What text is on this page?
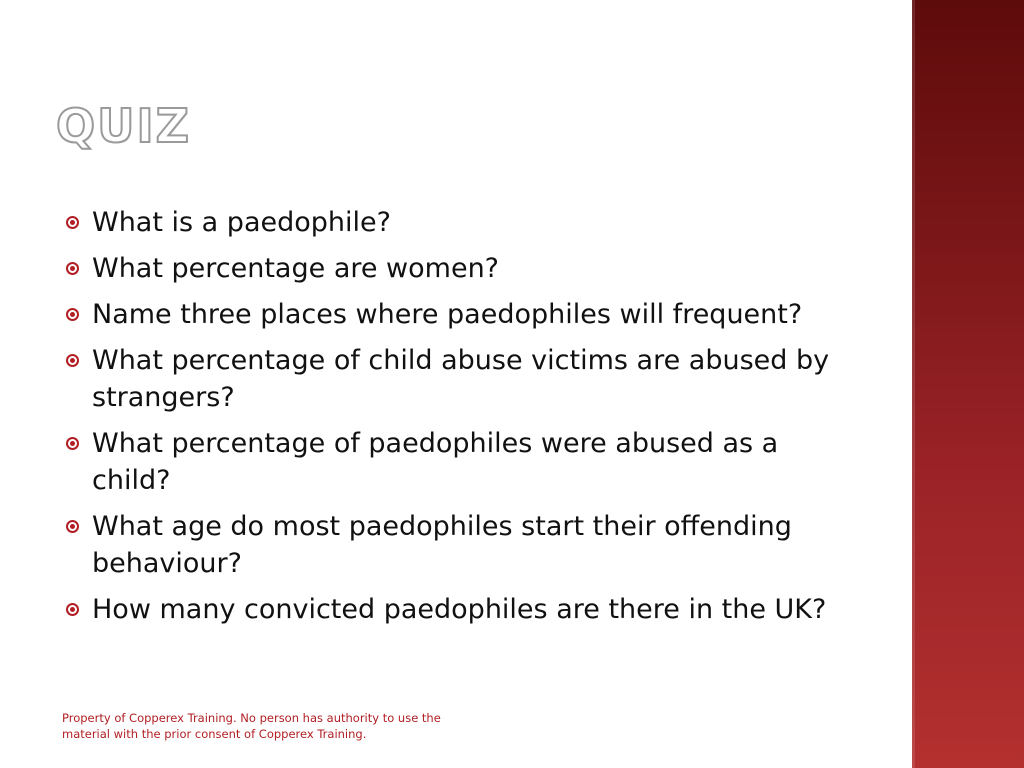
QUIZ
What is a paedophile?
What percentage are women?
Name three places where paedophiles will frequent?
What percentage of child abuse victims are abused by strangers?
What percentage of paedophiles were abused as a child?
What age do most paedophiles start their offending behaviour?
How many convicted paedophiles are there in the UK?
Property of Copperex Training. No person has authority to use the material with the prior consent of Copperex Training.
